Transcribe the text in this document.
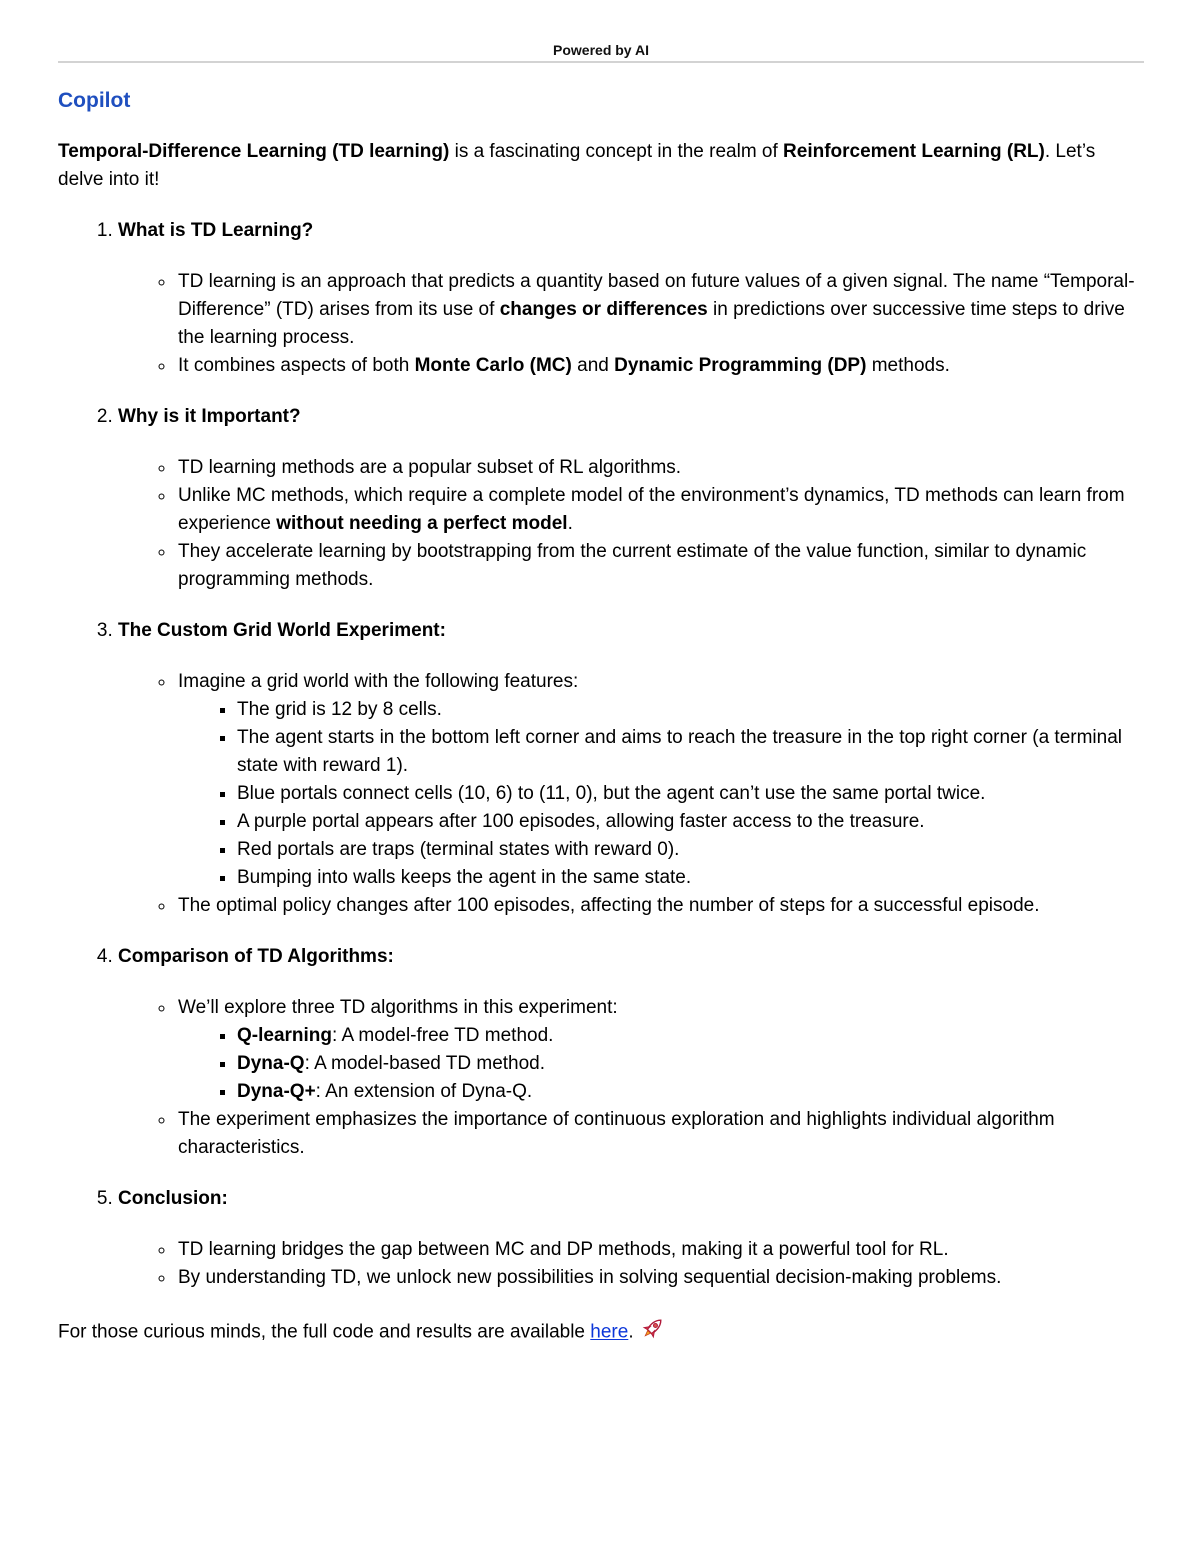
Powered by AI
Copilot

Temporal-Difference Learning (TD learning) is a fascinating concept in the realm of Reinforcement Learning (RL). Let’s delve into it!

1. What is TD Learning?
◦ TD learning is an approach that predicts a quantity based on future values of a given signal. The name “Temporal-Difference” (TD) arises from its use of changes or differences in predictions over successive time steps to drive the learning process.
◦ It combines aspects of both Monte Carlo (MC) and Dynamic Programming (DP) methods.
2. Why is it Important?
◦ TD learning methods are a popular subset of RL algorithms.
◦ Unlike MC methods, which require a complete model of the environment’s dynamics, TD methods can learn from experience without needing a perfect model.
◦ They accelerate learning by bootstrapping from the current estimate of the value function, similar to dynamic programming methods.
3. The Custom Grid World Experiment:
◦ Imagine a grid world with the following features:
▪ The grid is 12 by 8 cells.
▪ The agent starts in the bottom left corner and aims to reach the treasure in the top right corner (a terminal state with reward 1).
▪ Blue portals connect cells (10, 6) to (11, 0), but the agent can’t use the same portal twice.
▪ A purple portal appears after 100 episodes, allowing faster access to the treasure.
▪ Red portals are traps (terminal states with reward 0).
▪ Bumping into walls keeps the agent in the same state.
◦ The optimal policy changes after 100 episodes, affecting the number of steps for a successful episode.
4. Comparison of TD Algorithms:
◦ We’ll explore three TD algorithms in this experiment:
▪ Q-learning: A model-free TD method.
▪ Dyna-Q: A model-based TD method.
▪ Dyna-Q+: An extension of Dyna-Q.
◦ The experiment emphasizes the importance of continuous exploration and highlights individual algorithm characteristics.
5. Conclusion:
◦ TD learning bridges the gap between MC and DP methods, making it a powerful tool for RL.
◦ By understanding TD, we unlock new possibilities in solving sequential decision-making problems.

For those curious minds, the full code and results are available here.
